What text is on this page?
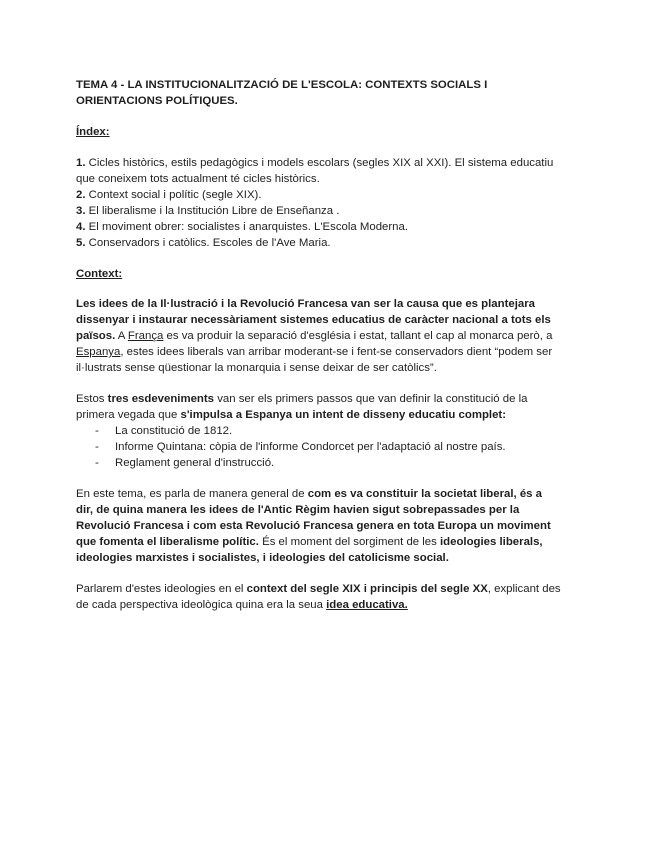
TEMA 4 - LA INSTITUCIONALITZACIÓ DE L'ESCOLA: CONTEXTS SOCIALS I
ORIENTACIONS POLÍTIQUES.
Índex:
1. Cicles històrics, estils pedagògics i models escolars (segles XIX al XXI). El sistema educatiu
que coneixem tots actualment té cicles històrics.
2. Context social i polític (segle XIX).
3. El liberalisme i la Institución Libre de Enseñanza .
4. El moviment obrer: socialistes i anarquistes. L'Escola Moderna.
5. Conservadors i catòlics. Escoles de l'Ave Maria.
Context:
Les idees de la Il·lustració i la Revolució Francesa van ser la causa que es plantejara
dissenyar i instaurar necessàriament sistemes educatius de caràcter nacional a tots els
països. A França es va produir la separació d'església i estat, tallant el cap al monarca però, a
Espanya, estes idees liberals van arribar moderant-se i fent-se conservadors dient “podem ser
il·lustrats sense qüestionar la monarquia i sense deixar de ser catòlics”.
Estos tres esdeveniments van ser els primers passos que van definir la constitució de la
primera vegada que s'impulsa a Espanya un intent de disseny educatiu complet:
- La constitució de 1812.
- Informe Quintana: còpia de l'informe Condorcet per l'adaptació al nostre país.
- Reglament general d'instrucció.
En este tema, es parla de manera general de com es va constituir la societat liberal, és a
dir, de quina manera les idees de l'Antic Règim havien sigut sobrepassades per la
Revolució Francesa i com esta Revolució Francesa genera en tota Europa un moviment
que fomenta el liberalisme polític. És el moment del sorgiment de les ideologies liberals,
ideologies marxistes i socialistes, i ideologies del catolicisme social.
Parlarem d'estes ideologies en el context del segle XIX i principis del segle XX, explicant des
de cada perspectiva ideològica quina era la seua idea educativa.
